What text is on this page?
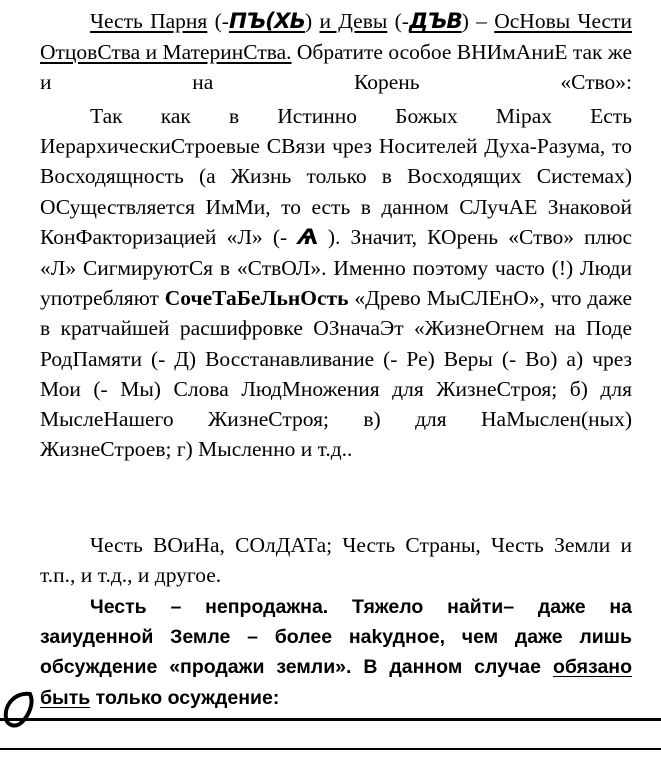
Честь Парня (-ПЪ(ХЬ) и Девы (-ДЪВ) – ОсНовы Чести ОтцовСтва и МатеринСтва. Обратите особое ВНИмАниЕ так же и на Корень «Ство»:

Так как в Истинно Божых Мірах Есть ИерархическиСтроевые СВязи чрез Носителей Духа-Разума, то Восходящность (а Жизнь только в Восходящих Системах) ОСуществляется ИмМи, то есть в данном СЛучАЕ Знаковой КонФакторизацией «Л» (- Ѧ ). Значит, КОрень «Ство» плюс «Л» СигмируютСя в «СтвОЛ». Именно поэтому часто (!) Люди употребляют СочеТаБеЛьнОсть «Древо МыСЛЕнО», что даже в кратчайшей расшифровке ОЗначаЭт «ЖизнеОгнем на Поде РодПамяти (- Д) Восстанавливание (- Ре) Веры (- Во) а) чрез Мои (- Мы) Слова ЛюдМножения для ЖизнеСтроя; б) для МыслеНашего ЖизнеСтроя; в) для НаМыслен(ных) ЖизнеСтроев; г) Мысленно и т.д..

Честь ВОиНа, СОлДАТа; Честь Страны, Честь Земли и т.п., и т.д., и другое.

Честь – непродажна. Тяжело найти– даже на заиуденной Земле – более наkудное, чем даже лишь обсуждение «продажи земли». В данном случае обязано быть только осуждение:
